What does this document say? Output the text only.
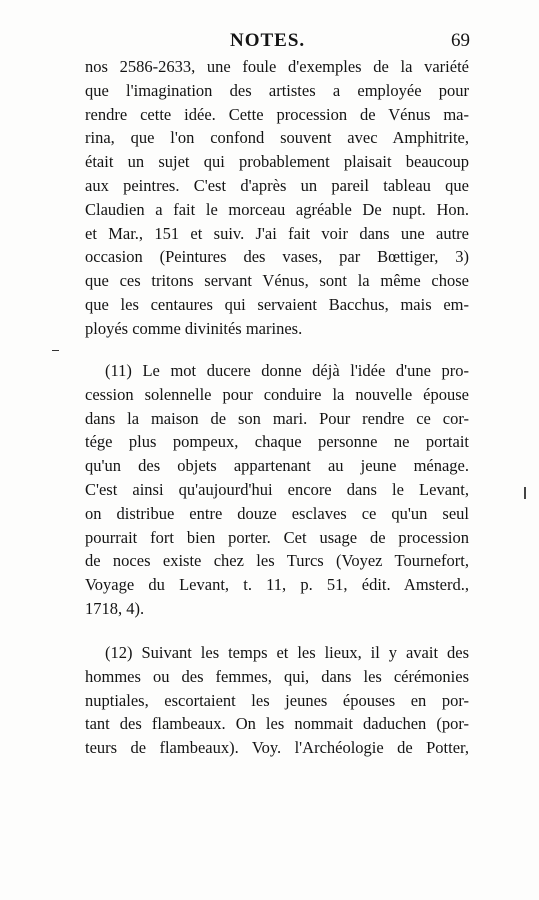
NOTES.	69
nos 2586-2633, une foule d'exemples de la variété
que l'imagination des artistes a employée pour
rendre cette idée. Cette procession de Vénus ma-
rina, que l'on confond souvent avec Amphitrite,
était un sujet qui probablement plaisait beaucoup
aux peintres. C'est d'après un pareil tableau que
Claudien a fait le morceau agréable De nupt. Hon.
et Mar., 151 et suiv. J'ai fait voir dans une autre
occasion (Peintures des vases, par Bœttiger, 3)
que ces tritons servant Vénus, sont la même chose
que les centaures qui servaient Bacchus, mais em-
ployés comme divinités marines.
(11) Le mot ducere donne déjà l'idée d'une pro-
cession solennelle pour conduire la nouvelle épouse
dans la maison de son mari. Pour rendre ce cor-
tége plus pompeux, chaque personne ne portait
qu'un des objets appartenant au jeune ménage.
C'est ainsi qu'aujourd'hui encore dans le Levant,
on distribue entre douze esclaves ce qu'un seul
pourrait fort bien porter. Cet usage de procession
de noces existe chez les Turcs (Voyez Tournefort,
Voyage du Levant, t. 11, p. 51, édit. Amsterd.,
1718, 4).
(12) Suivant les temps et les lieux, il y avait des
hommes ou des femmes, qui, dans les cérémonies
nuptiales, escortaient les jeunes épouses en por-
tant des flambeaux. On les nommait daduchen (por-
teurs de flambeaux). Voy. l'Archéologie de Potter,
